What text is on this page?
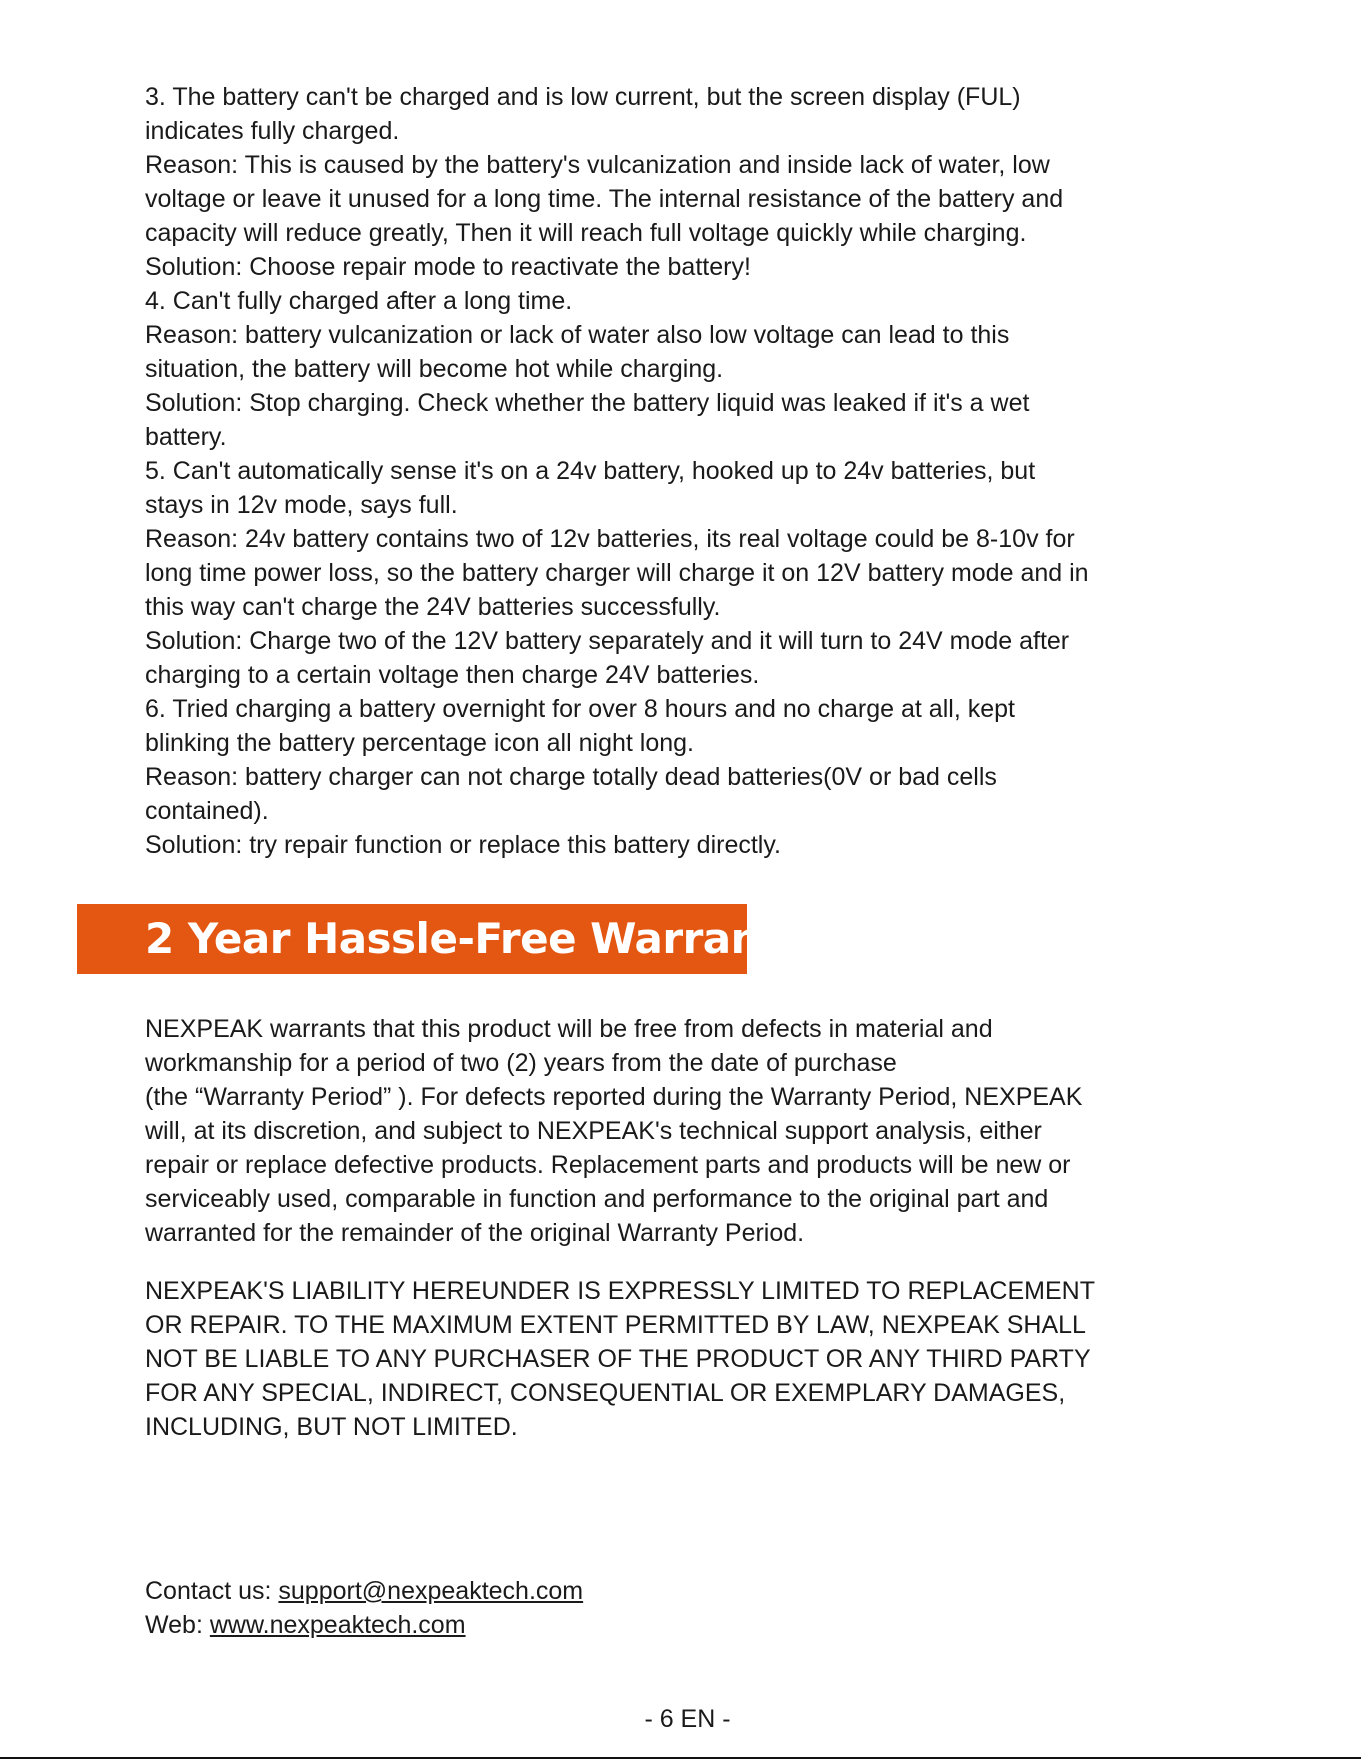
3. The battery can't be charged and is low current, but the screen display (FUL)
indicates fully charged.
Reason: This is caused by the battery's vulcanization and inside lack of water, low
voltage or leave it unused for a long time. The internal resistance of the battery and
capacity will reduce greatly, Then it will reach full voltage quickly while charging.
Solution: Choose repair mode to reactivate the battery!
4. Can't fully charged after a long time.
Reason: battery vulcanization or lack of water also low voltage can lead to this
situation, the battery will become hot while charging.
Solution: Stop charging. Check whether the battery liquid was leaked if it's a wet
battery.
5. Can't automatically sense it's on a 24v battery, hooked up to 24v batteries, but
stays in 12v mode, says full.
Reason: 24v battery contains two of 12v batteries, its real voltage could be 8-10v for
long time power loss, so the battery charger will charge it on 12V battery mode and in
this way can't charge the 24V batteries successfully.
Solution: Charge two of the 12V battery separately and it will turn to 24V mode after
charging to a certain voltage then charge 24V batteries.
6. Tried charging a battery overnight for over 8 hours and no charge at all, kept
blinking the battery percentage icon all night long.
Reason: battery charger can not charge totally dead batteries(0V or bad cells
contained).
Solution: try repair function or replace this battery directly.
2 Year Hassle-Free Warranty
NEXPEAK warrants that this product will be free from defects in material and
workmanship for a period of two (2) years from the date of purchase
(the “Warranty Period” ). For defects reported during the Warranty Period, NEXPEAK
will, at its discretion, and subject to NEXPEAK's technical support analysis, either
repair or replace defective products. Replacement parts and products will be new or
serviceably used, comparable in function and performance to the original part and
warranted for the remainder of the original Warranty Period.
NEXPEAK'S LIABILITY HEREUNDER IS EXPRESSLY LIMITED TO REPLACEMENT
OR REPAIR. TO THE MAXIMUM EXTENT PERMITTED BY LAW, NEXPEAK SHALL
NOT BE LIABLE TO ANY PURCHASER OF THE PRODUCT OR ANY THIRD PARTY
FOR ANY SPECIAL, INDIRECT, CONSEQUENTIAL OR EXEMPLARY DAMAGES,
INCLUDING, BUT NOT LIMITED.
Contact us: support@nexpeaktech.com
Web: www.nexpeaktech.com
- 6 EN -
